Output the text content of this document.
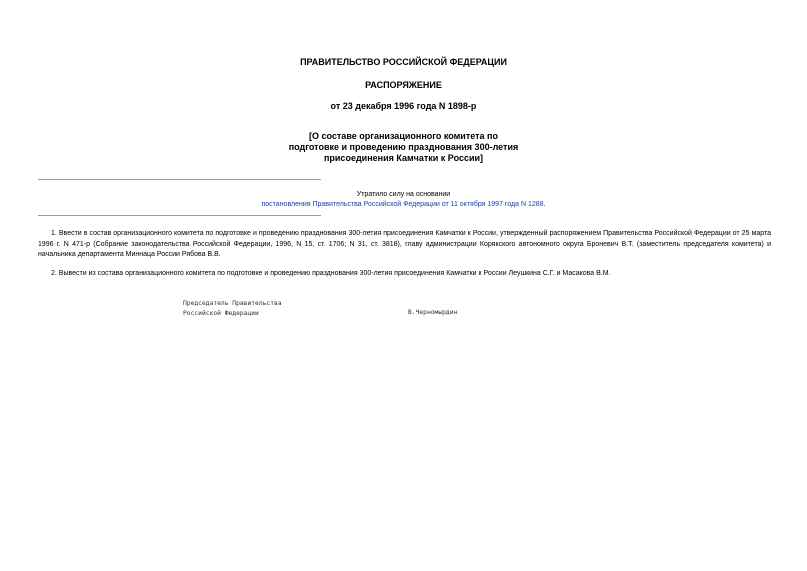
ПРАВИТЕЛЬСТВО РОССИЙСКОЙ ФЕДЕРАЦИИ
РАСПОРЯЖЕНИЕ
от 23 декабря 1996 года N 1898-р
[О составе организационного комитета по
подготовке и проведению празднования 300-летия
присоединения Камчатки к России]
Утратило силу на основании
постановления Правительства Российской Федерации от 11 октября 1997 года N 1288.
1. Ввести в состав организационного комитета по подготовке и проведению празднования 300-летия присоединения Камчатки к России, утвержденный распоряжением Правительства Российской Федерации от 25 марта 1996 г. N 471-р (Собрание законодательства Российской Федерации, 1996, N 15, ст. 1706; N 31, ст. 3818), главу администрации Корякского автономного округа Броневич В.Т. (заместитель председателя комитета) и начальника департамента Миннаца России Рябова В.В.
2. Вывести из состава организационного комитета по подготовке и проведению празднования 300-летия присоединения Камчатки к России Леушкина С.Г. и Масакова В.М.
Председатель Правительства
Российской Федерации	В.Черномырдин
